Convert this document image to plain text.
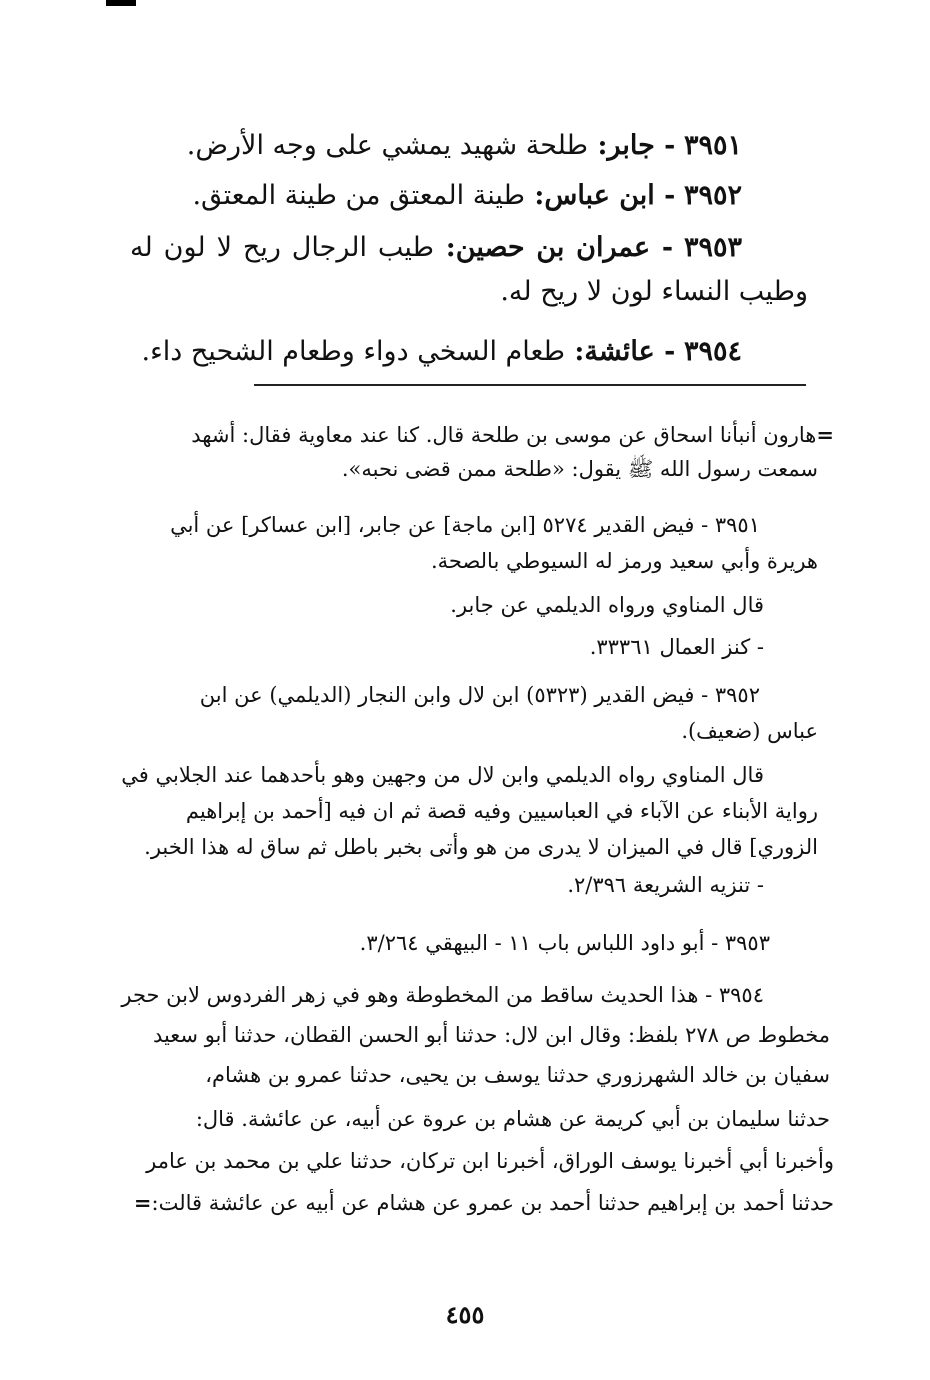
٣٩٥١ - جابر: طلحة شهيد يمشي على وجه الأرض.
٣٩٥٢ - ابن عباس: طينة المعتق من طينة المعتق.
٣٩٥٣ - عمران بن حصين: طيب الرجال ريح لا لون له
وطيب النساء لون لا ريح له.
٣٩٥٤ - عائشة: طعام السخي دواء وطعام الشحيح داء.
=هارون أنبأنا اسحاق عن موسى بن طلحة قال. كنا عند معاوية فقال: أشهد
سمعت رسول الله ﷺ يقول: «طلحة ممن قضى نحبه».
٣٩٥١ - فيض القدير ٥٢٧٤ [ابن ماجة] عن جابر، [ابن عساكر] عن أبي
هريرة وأبي سعيد ورمز له السيوطي بالصحة.
قال المناوي ورواه الديلمي عن جابر.
- كنز العمال ٣٣٣٦١.
٣٩٥٢ - فيض القدير (٥٣٢٣) ابن لال وابن النجار (الديلمي) عن ابن
عباس (ضعيف).
قال المناوي رواه الديلمي وابن لال من وجهين وهو بأحدهما عند الجلابي في
رواية الأبناء عن الآباء في العباسيين وفيه قصة ثم ان فيه [أحمد بن إبراهيم
الزوري] قال في الميزان لا يدرى من هو وأتى بخبر باطل ثم ساق له هذا الخبر.
- تنزيه الشريعة ٢/٣٩٦.
٣٩٥٣ - أبو داود اللباس باب ١١ - البيهقي ٣/٢٦٤.
٣٩٥٤ - هذا الحديث ساقط من المخطوطة وهو في زهر الفردوس لابن حجر
مخطوط ص ٢٧٨ بلفظ: وقال ابن لال: حدثنا أبو الحسن القطان، حدثنا أبو سعيد
سفيان بن خالد الشهرزوري حدثنا يوسف بن يحيى، حدثنا عمرو بن هشام،
حدثنا سليمان بن أبي كريمة عن هشام بن عروة عن أبيه، عن عائشة. قال:
وأخبرنا أبي أخبرنا يوسف الوراق، أخبرنا ابن تركان، حدثنا علي بن محمد بن عامر
حدثنا أحمد بن إبراهيم حدثنا أحمد بن عمرو عن هشام عن أبيه عن عائشة قالت:=
٤٥٥
